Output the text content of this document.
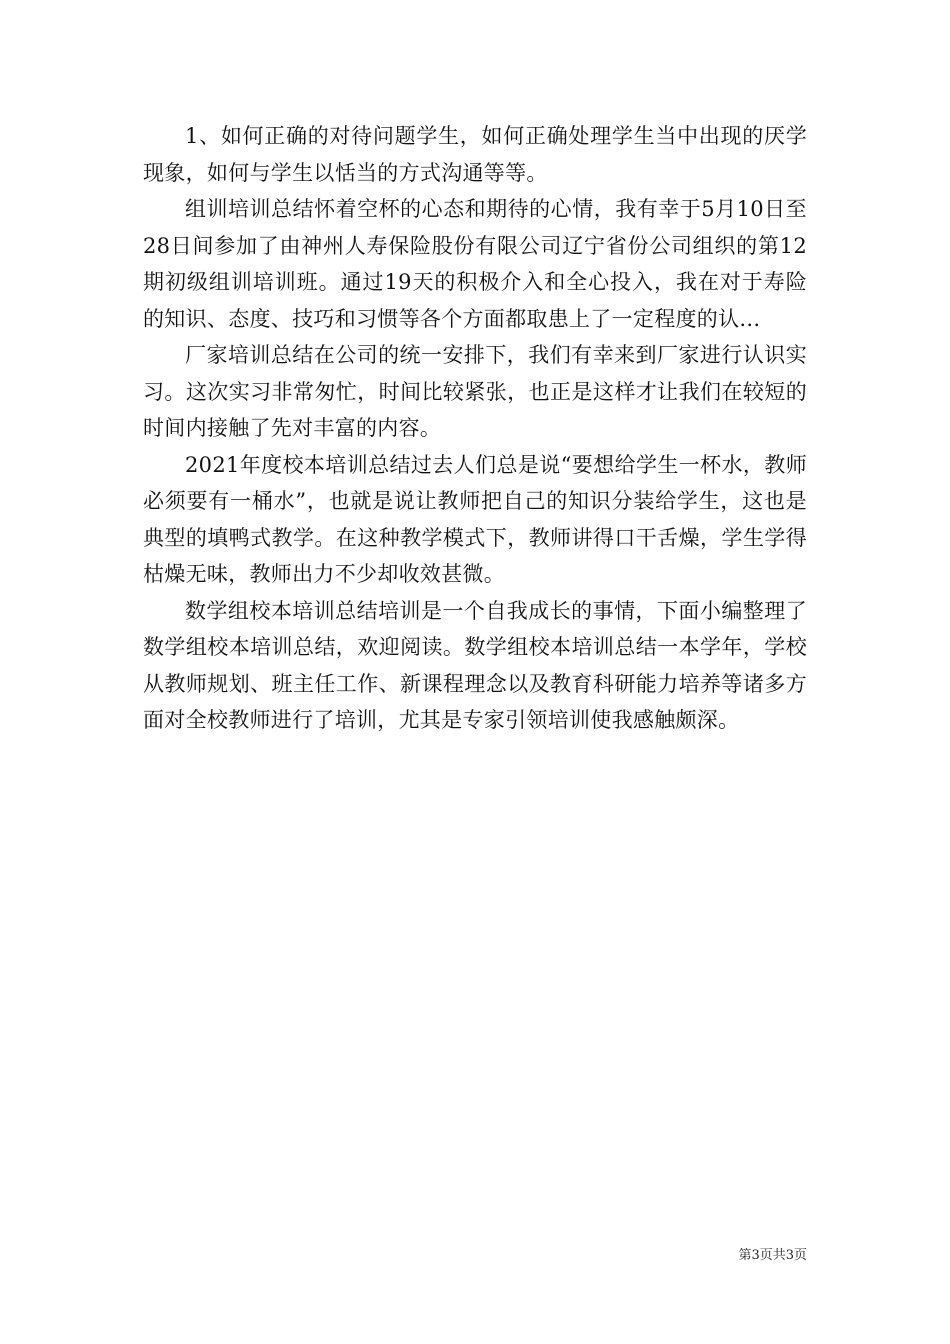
1、如何正确的对待问题学生，如何正确处理学生当中出现的厌学现象，如何与学生以恬当的方式沟通等等。

组训培训总结怀着空杯的心态和期待的心情，我有幸于5月10日至28日间参加了由神州人寿保险股份有限公司辽宁省份公司组织的第12期初级组训培训班。通过19天的积极介入和全心投入，我在对于寿险的知识、态度、技巧和习惯等各个方面都取患上了一定程度的认...

厂家培训总结在公司的统一安排下，我们有幸来到厂家进行认识实习。这次实习非常匆忙，时间比较紧张，也正是这样才让我们在较短的时间内接触了先对丰富的内容。

2021年度校本培训总结过去人们总是说“要想给学生一杯水，教师必须要有一桶水”，也就是说让教师把自己的知识分装给学生，这也是典型的填鸭式教学。在这种教学模式下，教师讲得口干舌燥，学生学得枯燥无味，教师出力不少却收效甚微。

数学组校本培训总结培训是一个自我成长的事情，下面小编整理了数学组校本培训总结，欢迎阅读。数学组校本培训总结一本学年，学校从教师规划、班主任工作、新课程理念以及教育科研能力培养等诸多方面对全校教师进行了培训，尤其是专家引领培训使我感触颇深。

第3页共3页
